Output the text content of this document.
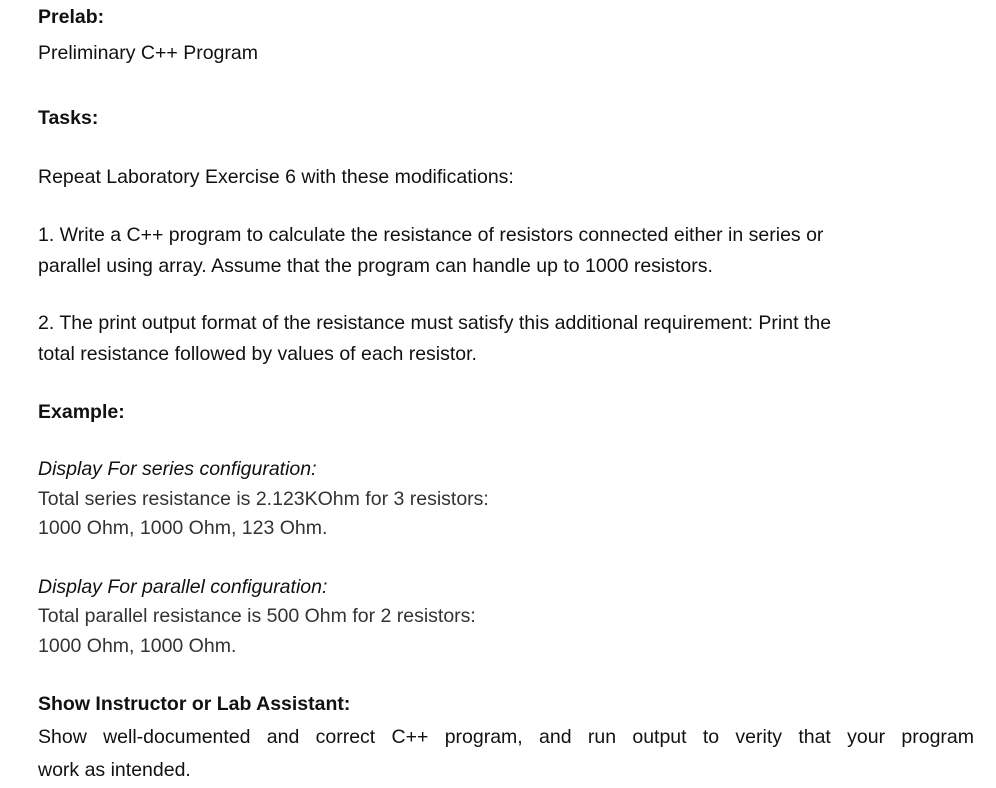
Prelab:
Preliminary C++ Program
Tasks:
Repeat Laboratory Exercise 6 with these modifications:
1. Write a C++ program to calculate the resistance of resistors connected either in series or
parallel using array. Assume that the program can handle up to 1000 resistors.
2. The print output format of the resistance must satisfy this additional requirement: Print the
total resistance followed by values of each resistor.
Example:
Display For series configuration:
Total series resistance is 2.123KOhm for 3 resistors:
1000 Ohm, 1000 Ohm, 123 Ohm.
Display For parallel configuration:
Total parallel resistance is 500 Ohm for 2 resistors:
1000 Ohm, 1000 Ohm.
Show Instructor or Lab Assistant:
Show well-documented and correct C++ program, and run output to verity that your program
work as intended.
